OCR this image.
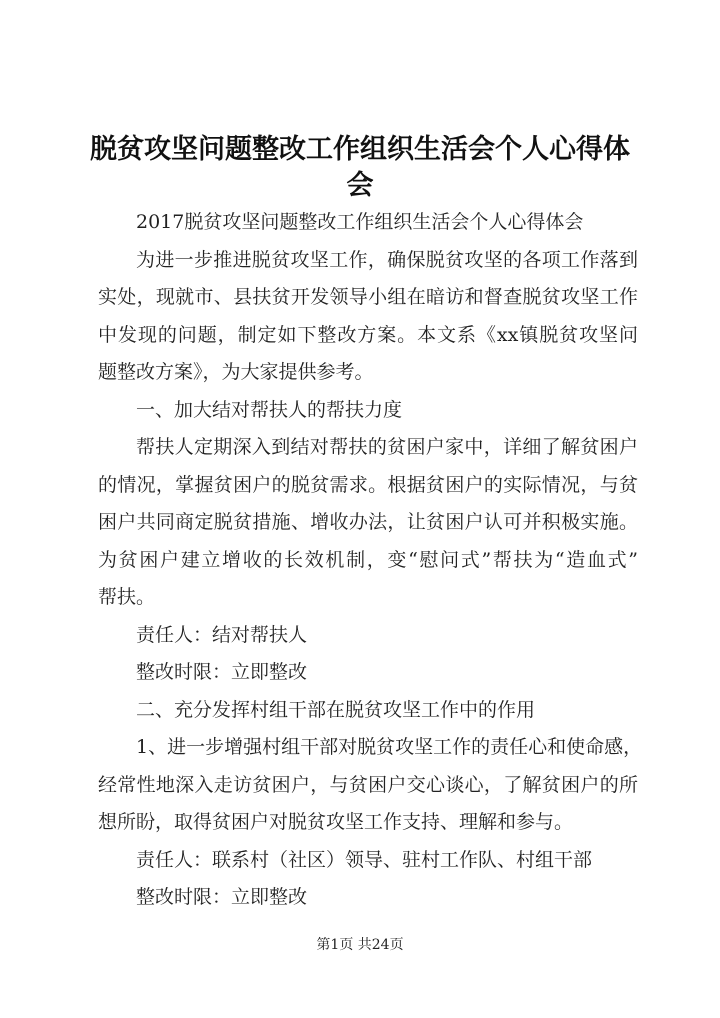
脱贫攻坚问题整改工作组织生活会个人心得体
会
2017脱贫攻坚问题整改工作组织生活会个人心得体会
为进一步推进脱贫攻坚工作，确保脱贫攻坚的各项工作落到
实处，现就市、县扶贫开发领导小组在暗访和督查脱贫攻坚工作
中发现的问题，制定如下整改方案。本文系《xx镇脱贫攻坚问
题整改方案》，为大家提供参考。
一、加大结对帮扶人的帮扶力度
帮扶人定期深入到结对帮扶的贫困户家中，详细了解贫困户
的情况，掌握贫困户的脱贫需求。根据贫困户的实际情况，与贫
困户共同商定脱贫措施、增收办法，让贫困户认可并积极实施。
为贫困户建立增收的长效机制，变“慰问式”帮扶为“造血式”
帮扶。
责任人：结对帮扶人
整改时限：立即整改
二、充分发挥村组干部在脱贫攻坚工作中的作用
1、进一步增强村组干部对脱贫攻坚工作的责任心和使命感，
经常性地深入走访贫困户，与贫困户交心谈心，了解贫困户的所
想所盼，取得贫困户对脱贫攻坚工作支持、理解和参与。
责任人：联系村（社区）领导、驻村工作队、村组干部
整改时限：立即整改
第1页 共24页
